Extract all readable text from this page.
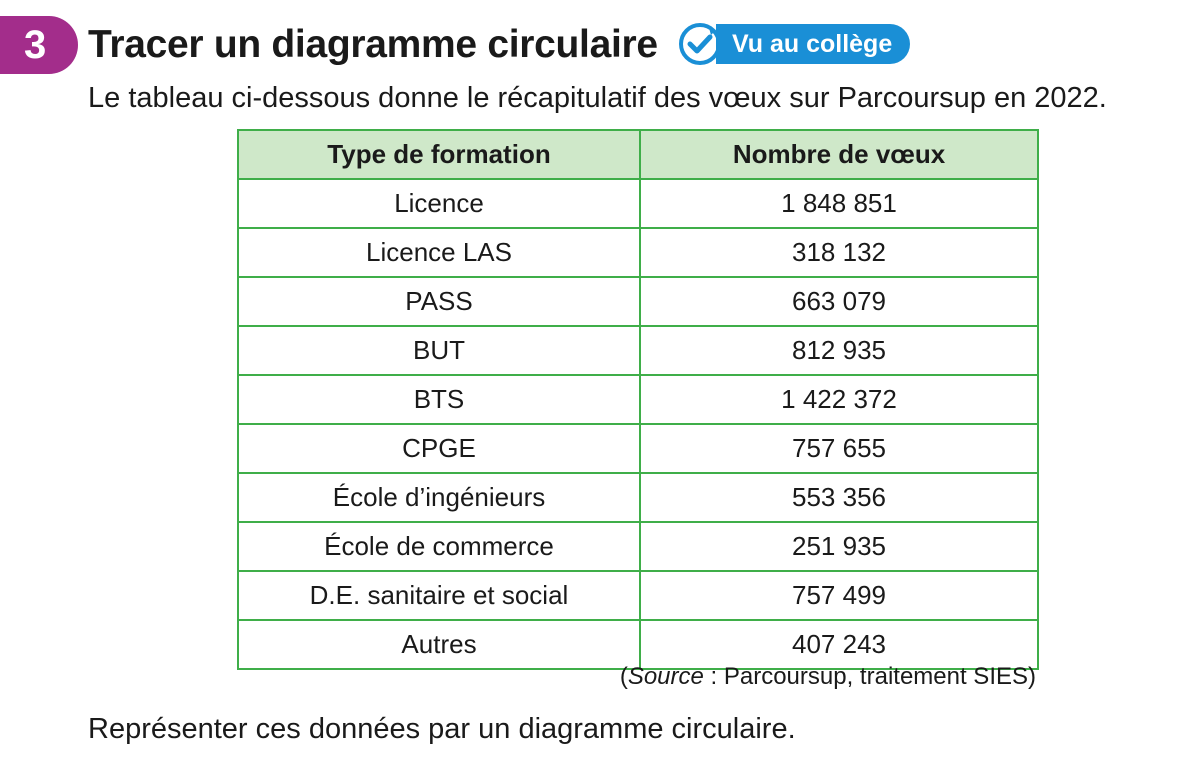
3	Tracer un diagramme circulaire	Vu au collège
Le tableau ci-dessous donne le récapitulatif des vœux sur Parcoursup en 2022.
Type de formation	Nombre de vœux
Licence	1 848 851
Licence LAS	318 132
PASS	663 079
BUT	812 935
BTS	1 422 372
CPGE	757 655
École d’ingénieurs	553 356
École de commerce	251 935
D.E. sanitaire et social	757 499
Autres	407 243
(Source : Parcoursup, traitement SIES)
Représenter ces données par un diagramme circulaire.
